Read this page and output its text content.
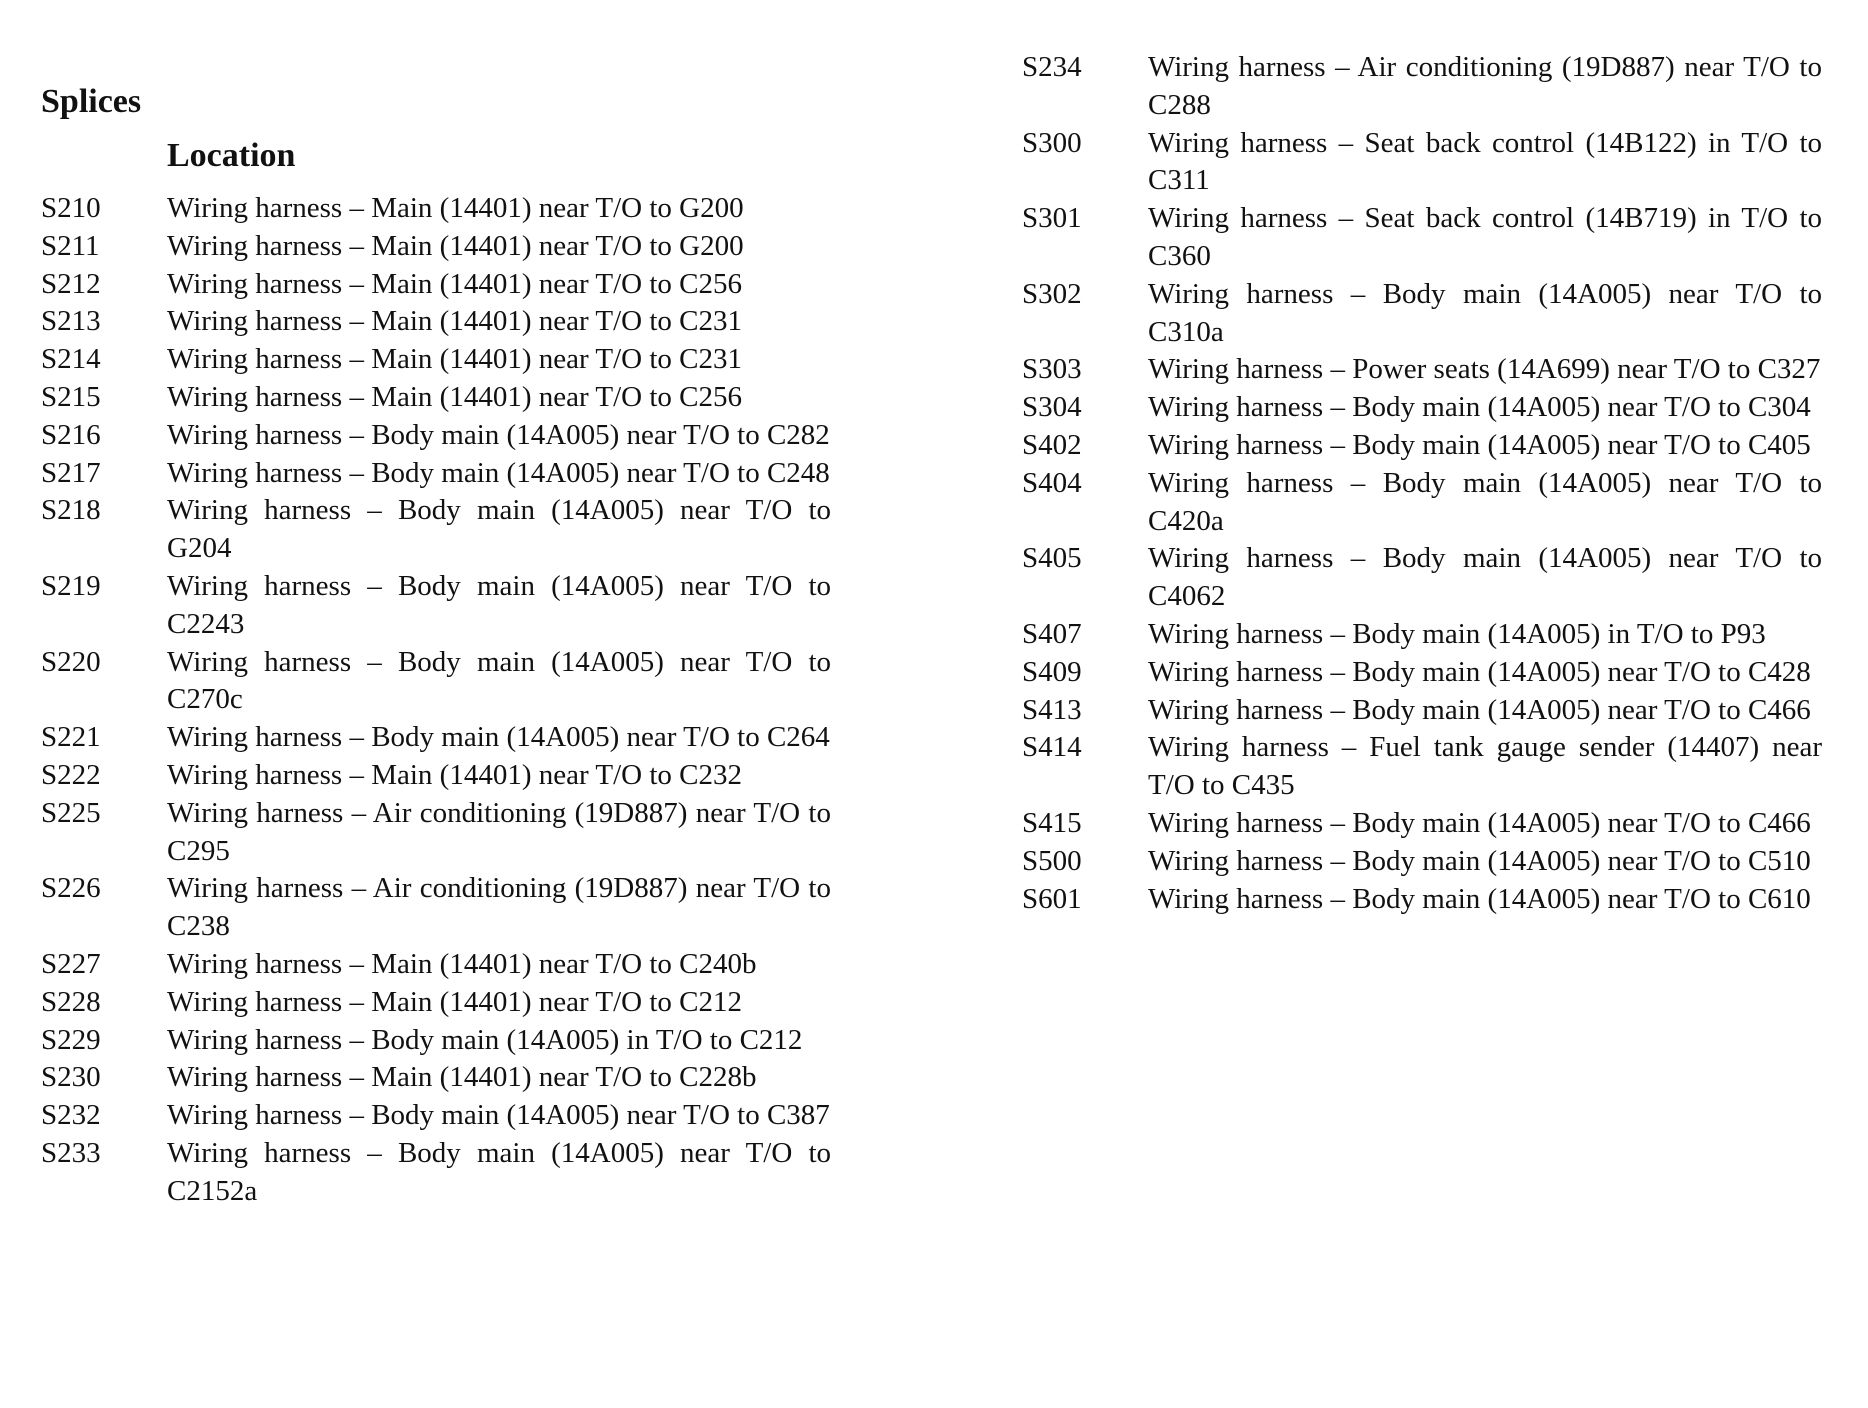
Splices
Location
S210	Wiring harness – Main (14401) near T/O to G200
S211	Wiring harness – Main (14401) near T/O to G200
S212	Wiring harness – Main (14401) near T/O to C256
S213	Wiring harness – Main (14401) near T/O to C231
S214	Wiring harness – Main (14401) near T/O to C231
S215	Wiring harness – Main (14401) near T/O to C256
S216	Wiring harness – Body main (14A005) near T/O to C282
S217	Wiring harness – Body main (14A005) near T/O to C248
S218	Wiring harness – Body main (14A005) near T/O to G204
S219	Wiring harness – Body main (14A005) near T/O to C2243
S220	Wiring harness – Body main (14A005) near T/O to C270c
S221	Wiring harness – Body main (14A005) near T/O to C264
S222	Wiring harness – Main (14401) near T/O to C232
S225	Wiring harness – Air conditioning (19D887) near T/O to C295
S226	Wiring harness – Air conditioning (19D887) near T/O to C238
S227	Wiring harness – Main (14401) near T/O to C240b
S228	Wiring harness – Main (14401) near T/O to C212
S229	Wiring harness – Body main (14A005) in T/O to C212
S230	Wiring harness – Main (14401) near T/O to C228b
S232	Wiring harness – Body main (14A005) near T/O to C387
S233	Wiring harness – Body main (14A005) near T/O to C2152a
S234	Wiring harness – Air conditioning (19D887) near T/O to C288
S300	Wiring harness – Seat back control (14B122) in T/O to C311
S301	Wiring harness – Seat back control (14B719) in T/O to C360
S302	Wiring harness – Body main (14A005) near T/O to C310a
S303	Wiring harness – Power seats (14A699) near T/O to C327
S304	Wiring harness – Body main (14A005) near T/O to C304
S402	Wiring harness – Body main (14A005) near T/O to C405
S404	Wiring harness – Body main (14A005) near T/O to C420a
S405	Wiring harness – Body main (14A005) near T/O to C4062
S407	Wiring harness – Body main (14A005) in T/O to P93
S409	Wiring harness – Body main (14A005) near T/O to C428
S413	Wiring harness – Body main (14A005) near T/O to C466
S414	Wiring harness – Fuel tank gauge sender (14407) near T/O to C435
S415	Wiring harness – Body main (14A005) near T/O to C466
S500	Wiring harness – Body main (14A005) near T/O to C510
S601	Wiring harness – Body main (14A005) near T/O to C610
